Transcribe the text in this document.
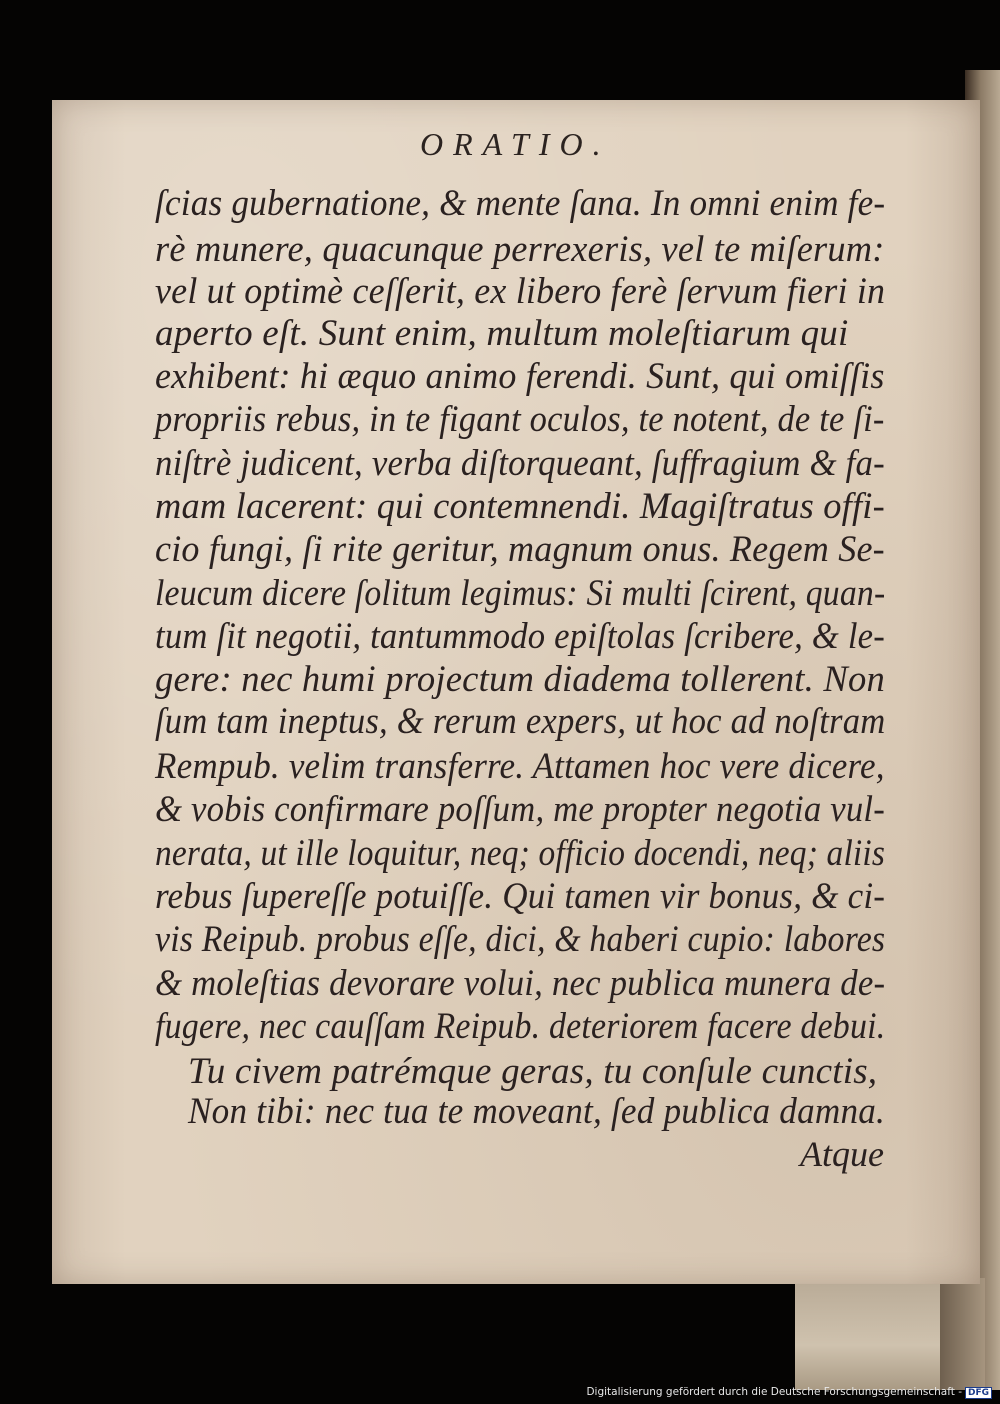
ORATIO.
ſcias gubernatione, & mente ſana. In omni enim fe-
rè munere, quacunque perrexeris, vel te miſerum:
vel ut optimè ceſſerit, ex libero ferè ſervum fieri in
aperto eſt. Sunt enim, multum moleſtiarum qui
exhibent: hi æquo animo ferendi. Sunt, qui omiſſis
propriis rebus, in te figant oculos, te notent, de te ſi-
niſtrè judicent, verba diſtorqueant, ſuffragium & fa-
mam lacerent: qui contemnendi. Magiſtratus offi-
cio fungi, ſi rite geritur, magnum onus. Regem Se-
leucum dicere ſolitum legimus: Si multi ſcirent, quan-
tum ſit negotii, tantummodo epiſtolas ſcribere, & le-
gere: nec humi projectum diadema tollerent. Non
ſum tam ineptus, & rerum expers, ut hoc ad noſtram
Rempub. velim transferre. Attamen hoc vere dicere,
& vobis confirmare poſſum, me propter negotia vul-
nerata, ut ille loquitur, neq; officio docendi, neq; aliis
rebus ſupereſſe potuiſſe. Qui tamen vir bonus, & ci-
vis Reipub. probus eſſe, dici, & haberi cupio: labores
& moleſtias devorare volui, nec publica munera de-
fugere, nec cauſſam Reipub. deteriorem facere debui.
Tu civem patrémque geras, tu conſule cunctis,
Non tibi: nec tua te moveant, ſed publica damna.
Atque
Digitalisierung gefördert durch die Deutsche Forschungsgemeinschaft - DFG
